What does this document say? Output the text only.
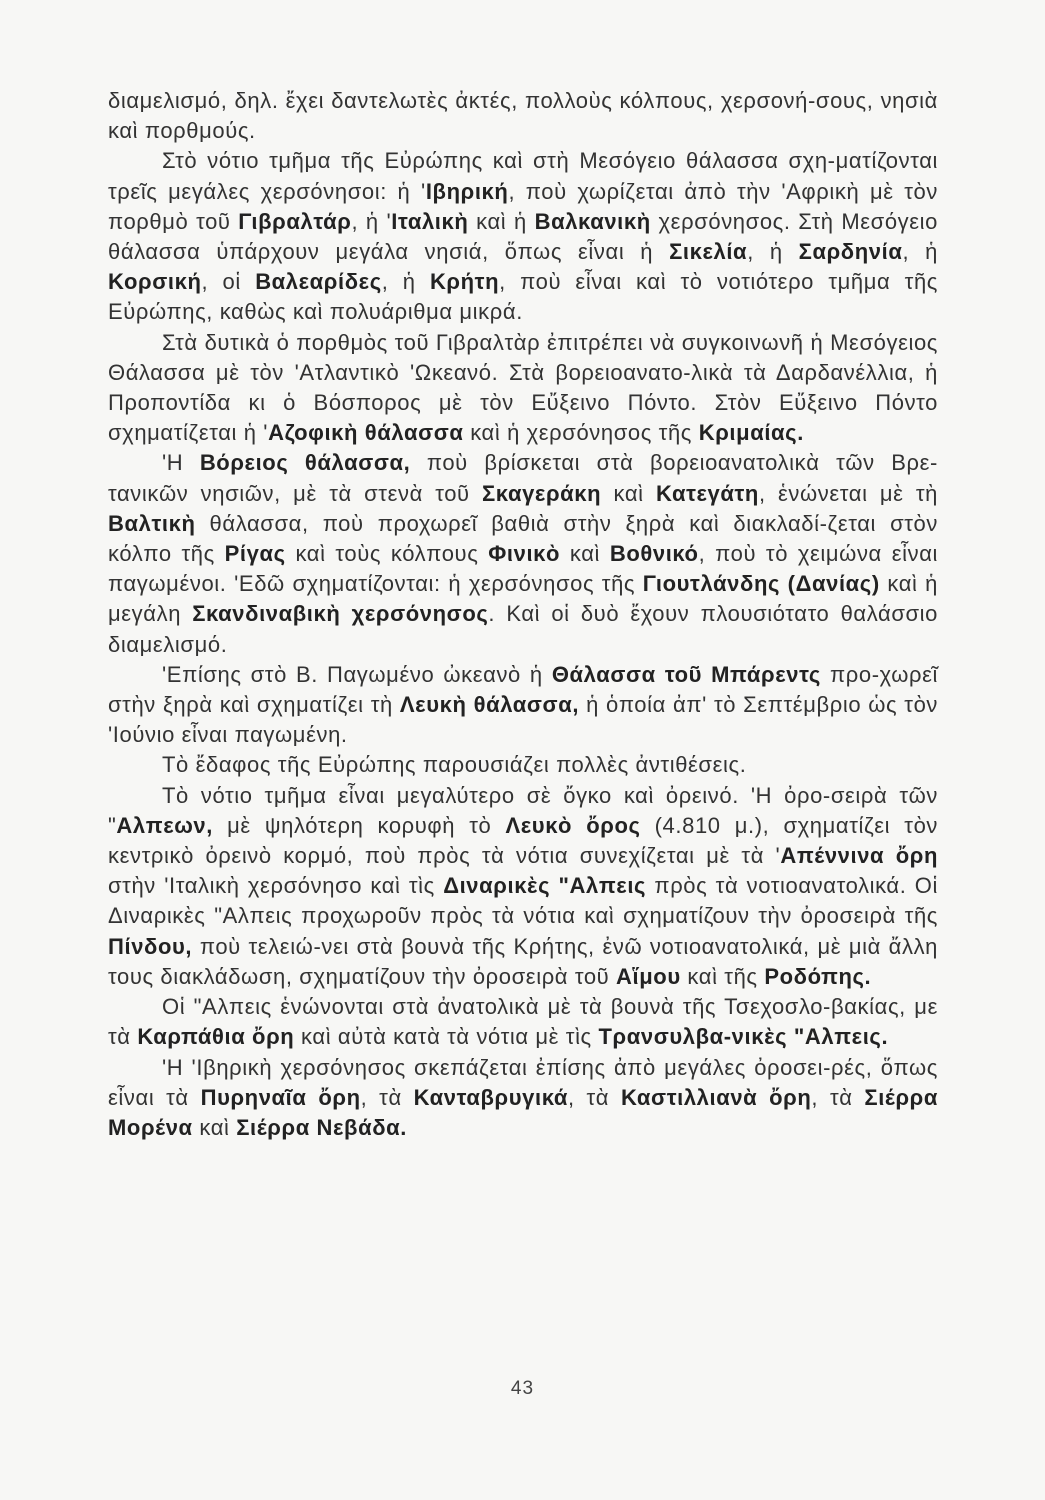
διαμελισμό, δηλ. ἔχει δαντελωτὲς ἀκτές, πολλοὺς κόλπους, χερσονή-σους, νησιὰ καὶ πορθμούς.

Στὸ νότιο τμῆμα τῆς Εὐρώπης καὶ στὴ Μεσόγειο θάλασσα σχη-ματίζονται τρεῖς μεγάλες χερσόνησοι: ἡ 'Ιβηρική, ποὺ χωρίζεται ἀπὸ τὴν 'Αφρικὴ μὲ τὸν πορθμὸ τοῦ Γιβραλτάρ, ἡ 'Ιταλικὴ καὶ ἡ Βαλκανικὴ χερσόνησος. Στὴ Μεσόγειο θάλασσα ὑπάρχουν μεγάλα νησιά, ὅπως εἶναι ἡ Σικελία, ἡ Σαρδηνία, ἡ Κορσική, οἱ Βαλεαρίδες, ἡ Κρήτη, ποὺ εἶναι καὶ τὸ νοτιότερο τμῆμα τῆς Εὐρώπης, καθὼς καὶ πολυάριθμα μικρά.

Στὰ δυτικὰ ὁ πορθμὸς τοῦ Γιβραλτὰρ ἐπιτρέπει νὰ συγκοινωνῆ ἡ Μεσόγειος Θάλασσα μὲ τὸν 'Ατλαντικὸ 'Ωκεανό. Στὰ βορειοανατο-λικὰ τὰ Δαρδανέλλια, ἡ Προποντίδα κι ὁ Βόσπορος μὲ τὸν Εὔξεινο Πόντο. Στὸν Εὔξεινο Πόντο σχηματίζεται ἡ 'Αζοφικὴ θάλασσα καὶ ἡ χερσόνησος τῆς Κριμαίας.

'Η Βόρειος θάλασσα, ποὺ βρίσκεται στὰ βορειοανατολικὰ τῶν Βρε-τανικῶν νησιῶν, μὲ τὰ στενὰ τοῦ Σκαγεράκη καὶ Κατεγάτη, ἑνώνεται μὲ τὴ Βαλτικὴ θάλασσα, ποὺ προχωρεῖ βαθιὰ στὴν ξηρὰ καὶ διακλαδί-ζεται στὸν κόλπο τῆς Ρίγας καὶ τοὺς κόλπους Φινικὸ καὶ Βοθνικό, ποὺ τὸ χειμώνα εἶναι παγωμένοι. 'Εδῶ σχηματίζονται: ἡ χερσόνησος τῆς Γιουτλάνδης (Δανίας) καὶ ἡ μεγάλη Σκανδιναβικὴ χερσόνησος. Καὶ οἱ δυὸ ἔχουν πλουσιότατο θαλάσσιο διαμελισμό.

'Επίσης στὸ Β. Παγωμένο ὠκεανὸ ἡ Θάλασσα τοῦ Μπάρεντς προ-χωρεῖ στὴν ξηρὰ καὶ σχηματίζει τὴ Λευκὴ θάλασσα, ἡ ὁποία ἀπ' τὸ Σεπτέμβριο ὡς τὸν 'Ιούνιο εἶναι παγωμένη.

Τὸ ἔδαφος τῆς Εὐρώπης παρουσιάζει πολλὲς ἀντιθέσεις.

Τὸ νότιο τμῆμα εἶναι μεγαλύτερο σὲ ὄγκο καὶ ὀρεινό. 'Η ὀρο-σειρὰ τῶν "Αλπεων, μὲ ψηλότερη κορυφὴ τὸ Λευκὸ ὄρος (4.810 μ.), σχηματίζει τὸν κεντρικὸ ὀρεινὸ κορμό, ποὺ πρὸς τὰ νότια συνεχίζεται μὲ τὰ 'Απέννινα ὄρη στὴν 'Ιταλικὴ χερσόνησο καὶ τὶς Διναρικὲς "Αλπεις πρὸς τὰ νοτιοανατολικά. Οἱ Διναρικὲς "Αλπεις προχωροῦν πρὸς τὰ νότια καὶ σχηματίζουν τὴν ὀροσειρὰ τῆς Πίνδου, ποὺ τελειώ-νει στὰ βουνὰ τῆς Κρήτης, ἐνῶ νοτιοανατολικά, μὲ μιὰ ἄλλη τους διακλάδωση, σχηματίζουν τὴν ὀροσειρὰ τοῦ Αἵμου καὶ τῆς Ροδόπης.

Οἱ "Αλπεις ἑνώνονται στὰ ἀνατολικὰ μὲ τὰ βουνὰ τῆς Τσεχοσλο-βακίας, με τὰ Καρπάθια ὄρη καὶ αὐτὰ κατὰ τὰ νότια μὲ τὶς Τρανσυλβα-νικὲς "Αλπεις.

'Η 'Ιβηρικὴ χερσόνησος σκεπάζεται ἐπίσης ἀπὸ μεγάλες ὀροσει-ρές, ὅπως εἶναι τὰ Πυρηναῖα ὄρη, τὰ Κανταβρυγικά, τὰ Καστιλλιανὰ ὄρη, τὰ Σιέρρα Μορένα καὶ Σιέρρα Νεβάδα.

43
